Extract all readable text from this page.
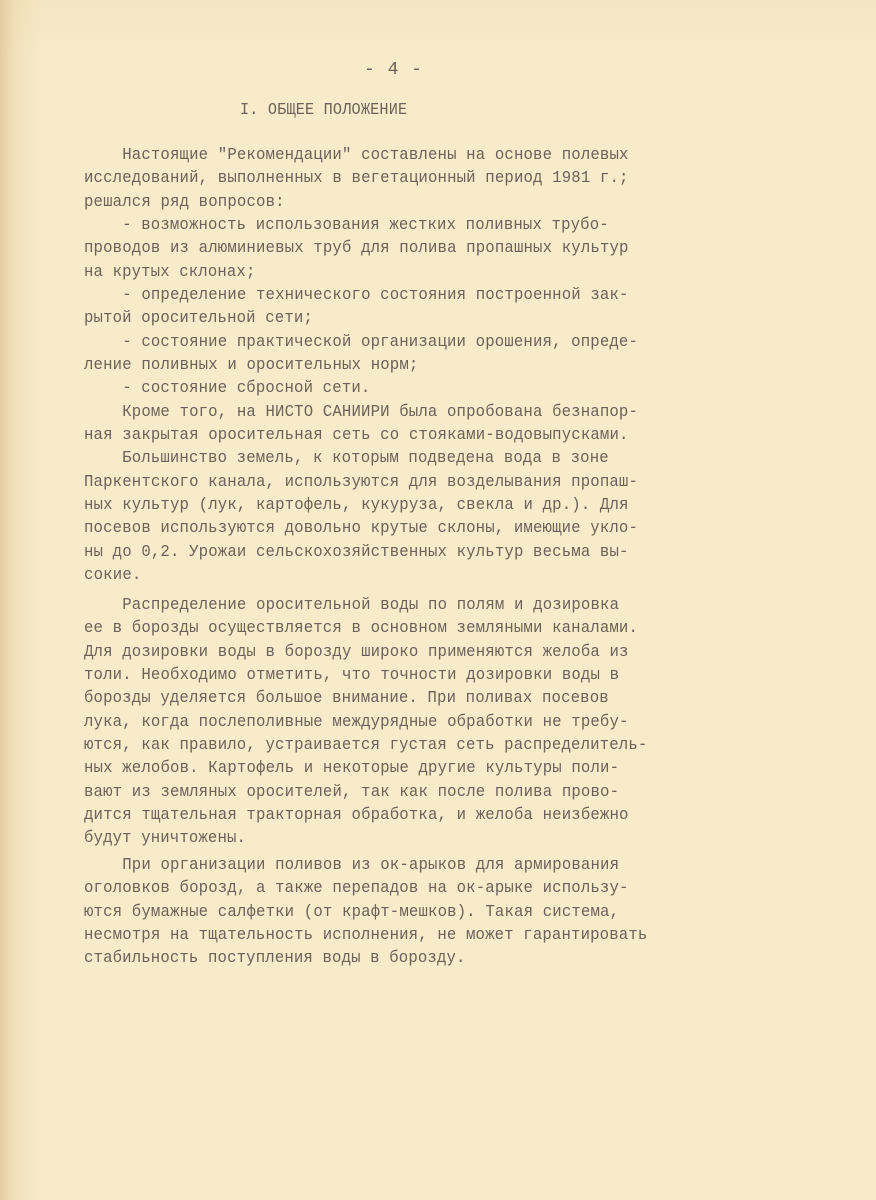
- 4 -
I. ОБЩЕЕ ПОЛОЖЕНИЕ
Настоящие "Рекомендации" составлены на основе полевых
исследований, выполненных в вегетационный период 1981 г.;
решался ряд вопросов:
- возможность использования жестких поливных трубо-
проводов из алюминиевых труб для полива пропашных культур
на крутых склонах;
- определение технического состояния построенной зак-
рытой оросительной сети;
- состояние практической организации орошения, опреде-
ление поливных и оросительных норм;
- состояние сбросной сети.
Кроме того, на НИСТО САНИИРИ была опробована безнапор-
ная закрытая оросительная сеть со стояками-водовыпусками.
Большинство земель, к которым подведена вода в зоне
Паркентского канала, используются для возделывания пропаш-
ных культур (лук, картофель, кукуруза, свекла и др.). Для
посевов используются довольно крутые склоны, имеющие укло-
ны до 0,2. Урожаи сельскохозяйственных культур весьма вы-
сокие.
Распределение оросительной воды по полям и дозировка
ее в борозды осуществляется в основном земляными каналами.
Для дозировки воды в борозду широко применяются желоба из
толи. Необходимо отметить, что точности дозировки воды в
борозды уделяется большое внимание. При поливах посевов
лука, когда послеполивные междурядные обработки не требу-
ются, как правило, устраивается густая сеть распределитель-
ных желобов. Картофель и некоторые другие культуры поли-
вают из земляных оросителей, так как после полива прово-
дится тщательная тракторная обработка, и желоба неизбежно
будут уничтожены.
При организации поливов из ок-арыков для армирования
оголовков борозд, а также перепадов на ок-арыке использу-
ются бумажные салфетки (от крафт-мешков). Такая система,
несмотря на тщательность исполнения, не может гарантировать
стабильность поступления воды в борозду.
